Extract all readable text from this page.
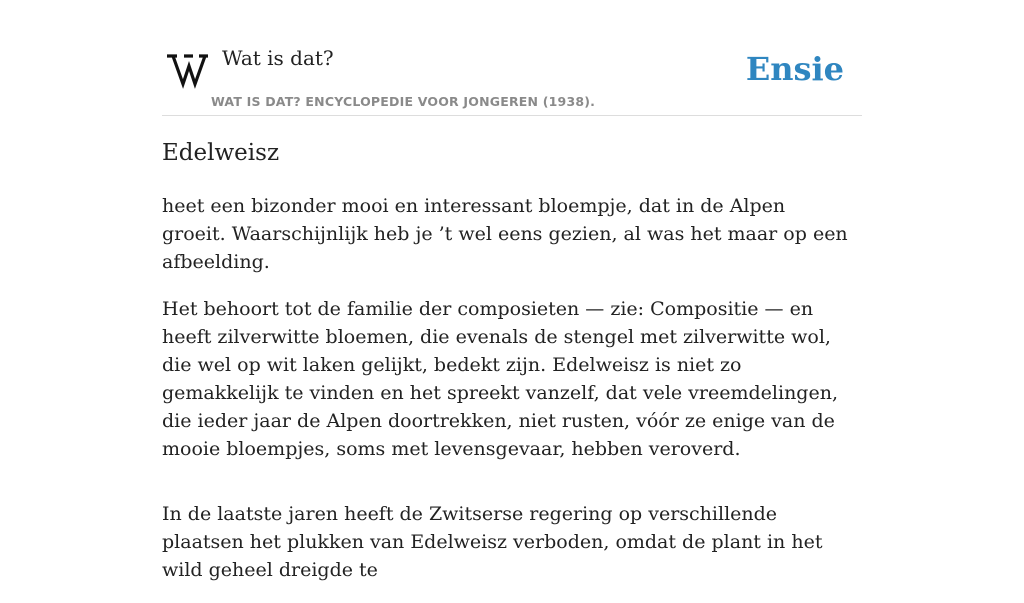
Wat is dat?
WAT IS DAT? ENCYCLOPEDIE VOOR JONGEREN (1938).
Ensie
Edelweisz

heet een bizonder mooi en interessant bloempje, dat in de Alpen groeit. Waarschijnlijk heb je ’t wel eens gezien, al was het maar op een afbeelding.

Het behoort tot de familie der composieten — zie: Compositie — en heeft zilverwitte bloemen, die evenals de stengel met zilverwitte wol, die wel op wit laken gelijkt, bedekt zijn. Edelweisz is niet zo gemakkelijk te vinden en het spreekt vanzelf, dat vele vreemdelingen, die ieder jaar de Alpen doortrekken, niet rusten, vóór ze enige van de mooie bloempjes, soms met levensgevaar, hebben veroverd.

In de laatste jaren heeft de Zwitserse regering op verschillende plaatsen het plukken van Edelweisz verboden, omdat de plant in het wild geheel dreigde te
